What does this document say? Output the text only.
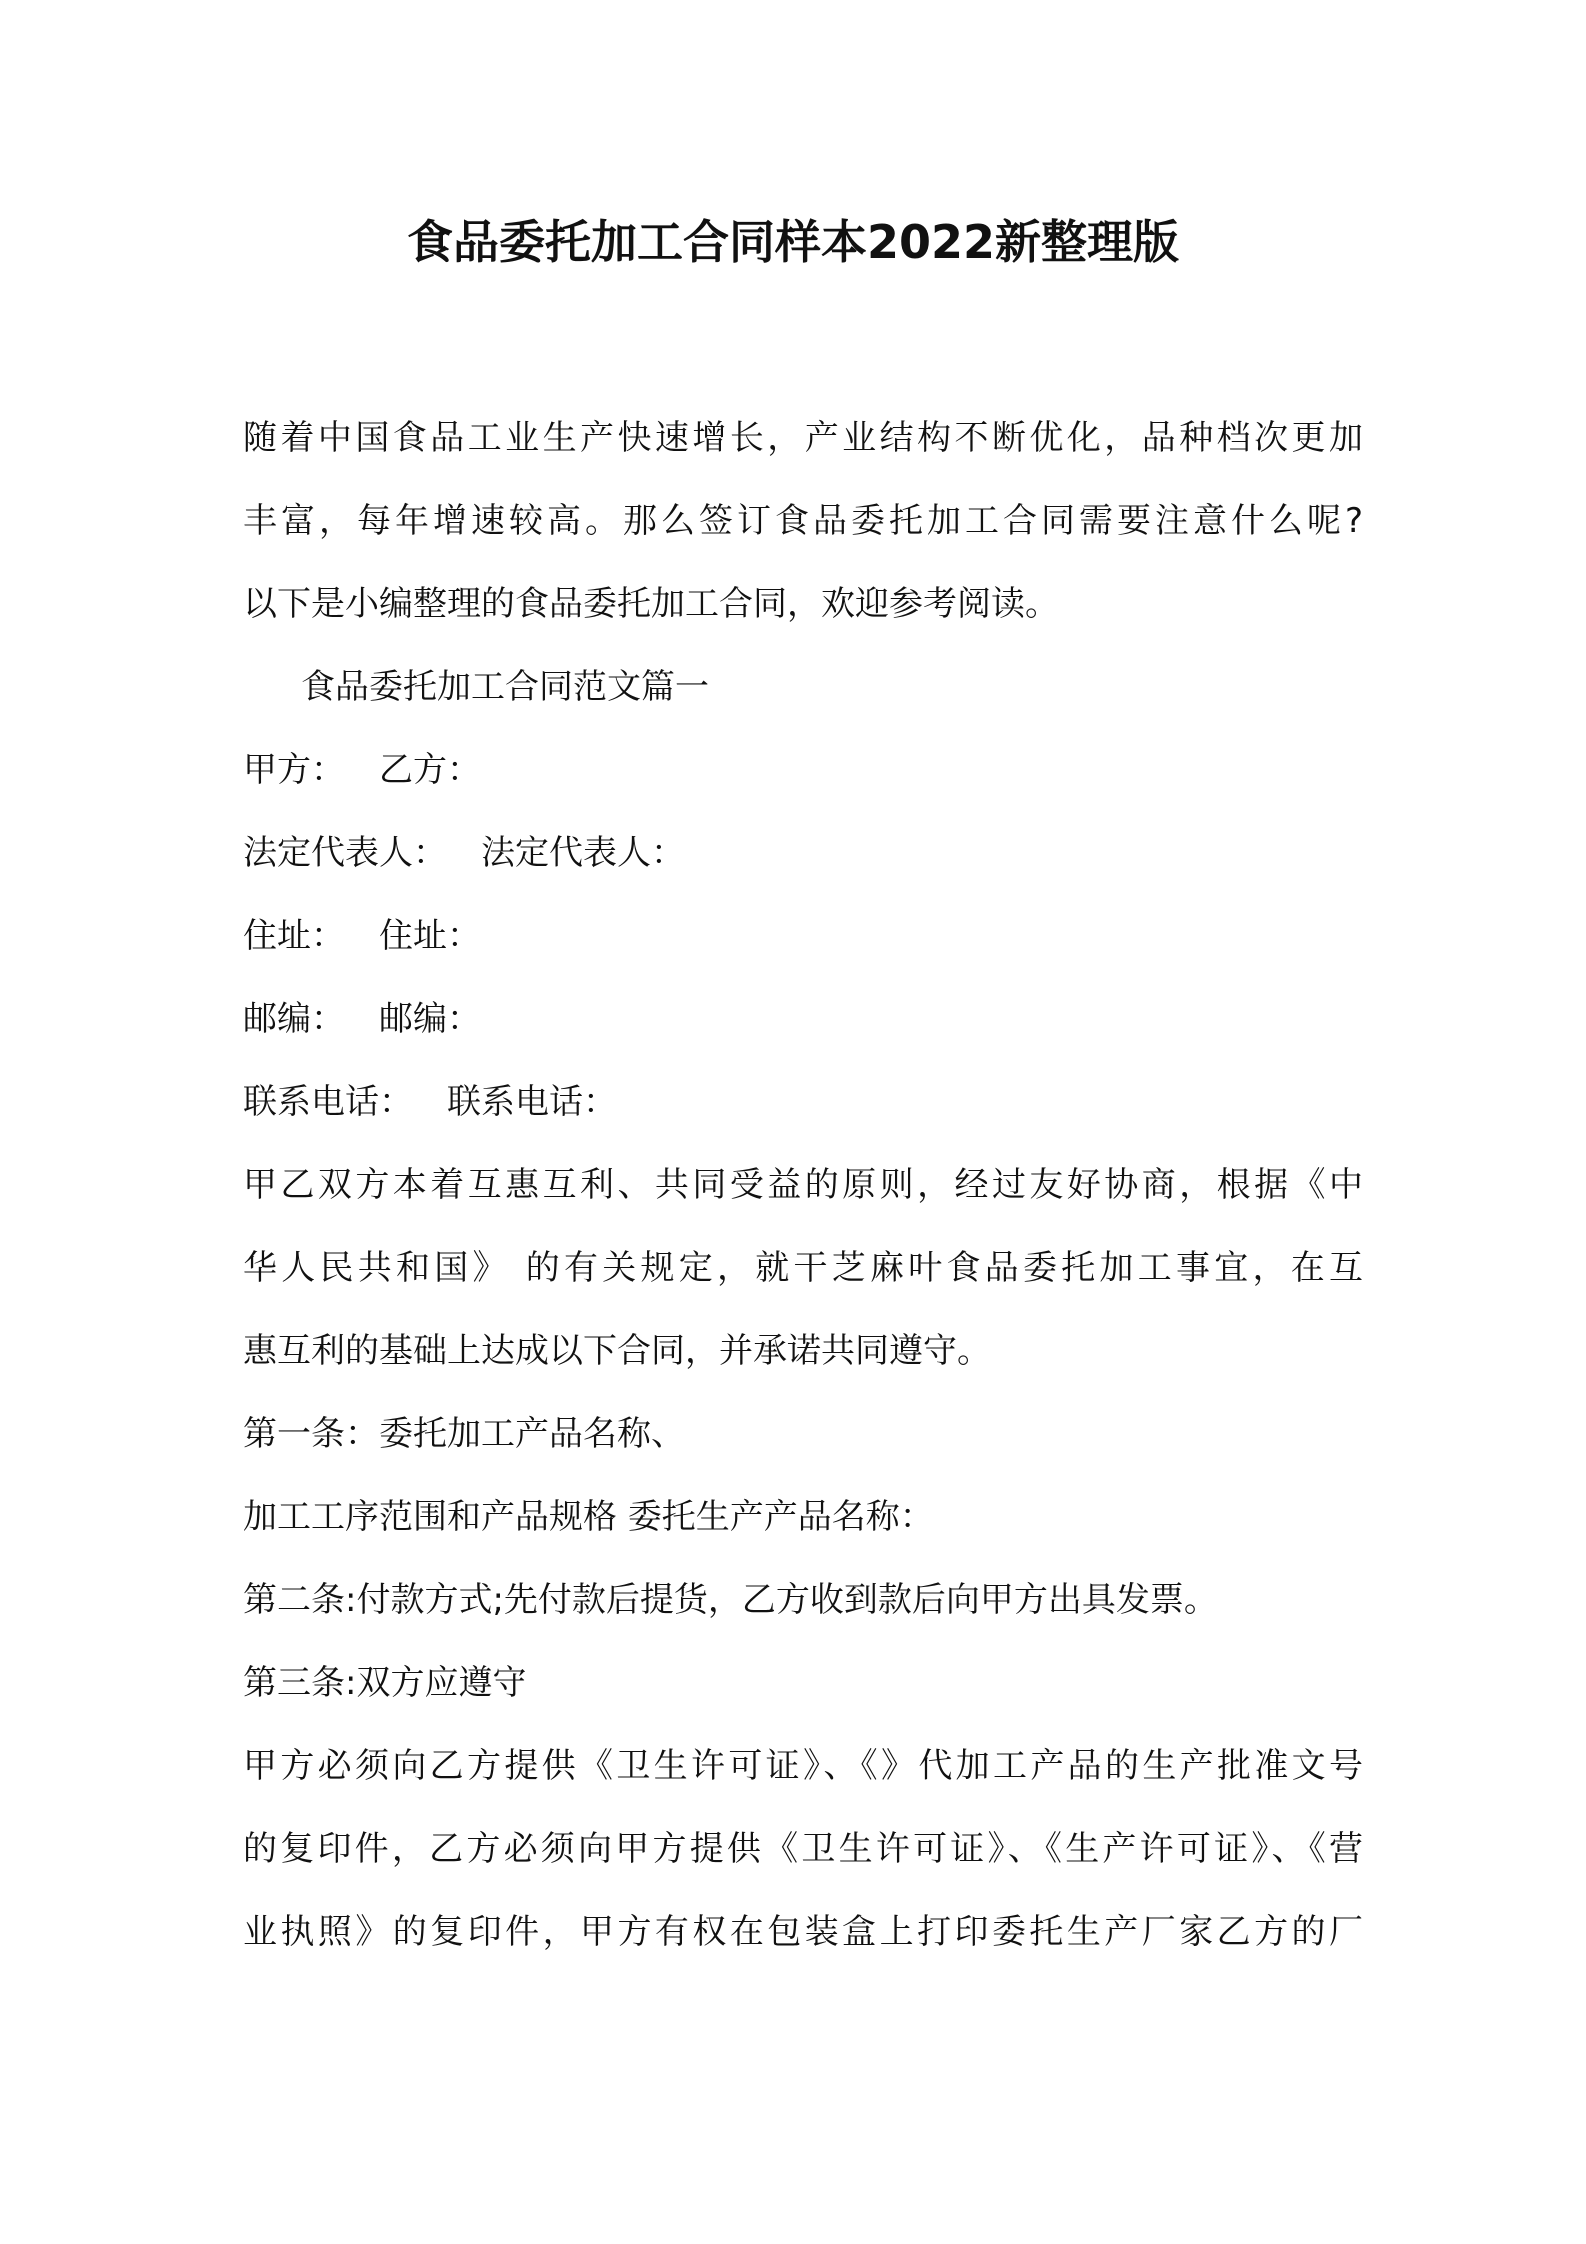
食品委托加工合同样本2022新整理版
随着中国食品工业生产快速增长，产业结构不断优化，品种档次更加
丰富，每年增速较高。那么签订食品委托加工合同需要注意什么呢?
以下是小编整理的食品委托加工合同，欢迎参考阅读。
食品委托加工合同范文篇一
甲方： 乙方：
法定代表人： 法定代表人：
住址： 住址：
邮编： 邮编：
联系电话： 联系电话：
甲乙双方本着互惠互利、共同受益的原则，经过友好协商，根据《中
华人民共和国》 的有关规定，就干芝麻叶食品委托加工事宜，在互
惠互利的基础上达成以下合同，并承诺共同遵守。
第一条：委托加工产品名称、
加工工序范围和产品规格 委托生产产品名称：
第二条:付款方式;先付款后提货，乙方收到款后向甲方出具发票。
第三条:双方应遵守
甲方必须向乙方提供《卫生许可证》、《》代加工产品的生产批准文号
的复印件，乙方必须向甲方提供《卫生许可证》、《生产许可证》、《营
业执照》的复印件，甲方有权在包装盒上打印委托生产厂家乙方的厂
